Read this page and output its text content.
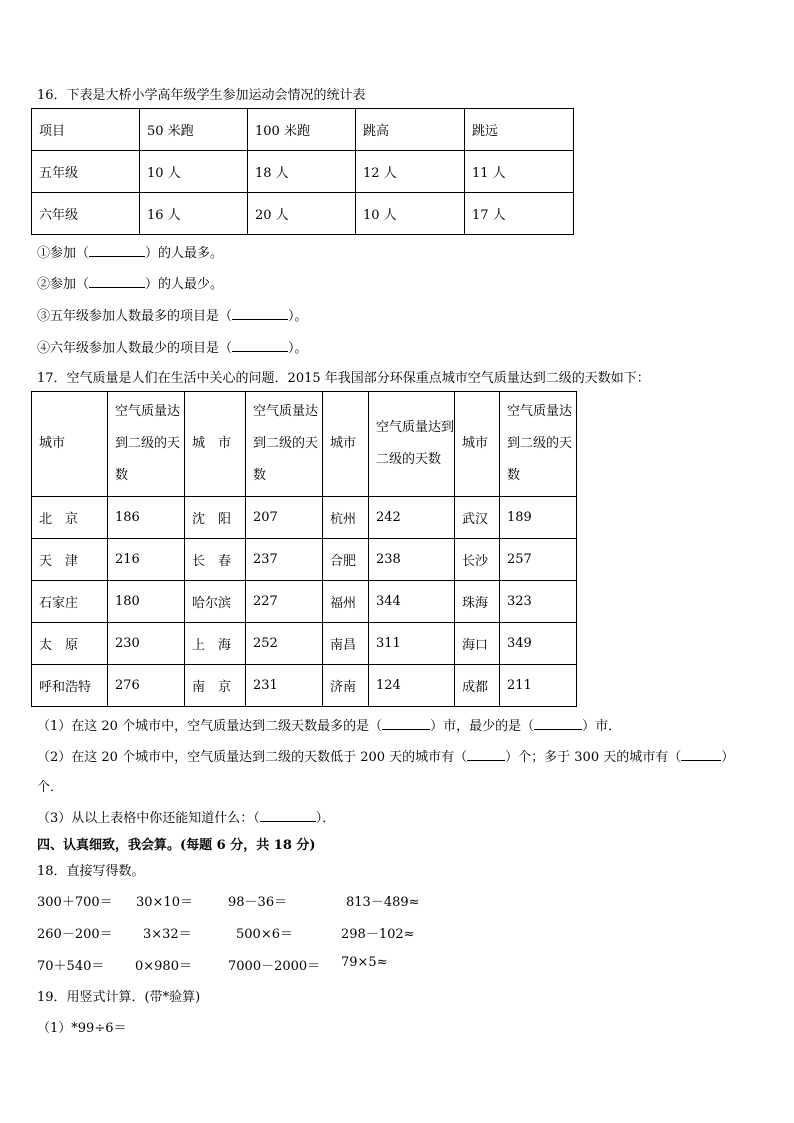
16．下表是大桥小学高年级学生参加运动会情况的统计表
项目	50 米跑	100 米跑	跳高	跳远
五年级	10 人	18 人	12 人	11 人
六年级	16 人	20 人	10 人	17 人
①参加（	）的人最多。
②参加（	）的人最少。
③五年级参加人数最多的项目是（	）。
④六年级参加人数最少的项目是（	）。
17．空气质量是人们在生活中关心的问题．2015 年我国部分环保重点城市空气质量达到二级的天数如下：
城市	空气质量达到二级的天数	城　市	空气质量达到二级的天数	城市	空气质量达到二级的天数	城市	空气质量达到二级的天数
北　京	186	沈　阳	207	杭州	242	武汉	189
天　津	216	长　春	237	合肥	238	长沙	257
石家庄	180	哈尔滨	227	福州	344	珠海	323
太　原	230	上　海	252	南昌	311	海口	349
呼和浩特	276	南　京	231	济南	124	成都	211
（1）在这 20 个城市中，空气质量达到二级天数最多的是（	）市，最少的是（	）市．
（2）在这 20 个城市中，空气质量达到二级的天数低于 200 天的城市有（	）个；多于 300 天的城市有（	）
个．
（3）从以上表格中你还能知道什么：（	）．
四、认真细致，我会算。(每题 6 分，共 18 分)
18．直接写得数。
300＋700＝ 30×10＝	98－36＝	813－489≈
260－200＝ 3×32＝	500×6＝	298－102≈
70＋540＝ 0×980＝	7000－2000＝ 79×5≈
19．用竖式计算．(带*验算)
（1）*99÷6＝
